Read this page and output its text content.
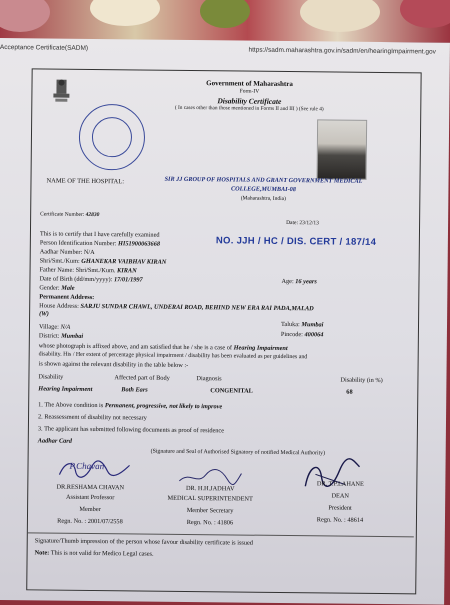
Acceptance Certificate(SADM)	https://sadm.maharashtra.gov.in/sadm/en/hearingImpairment.gov
Government of Maharashtra
Form-IV
Disability Certificate
( In cases other than those mentioned in Forms II and III ) (See rule 4)
NAME OF THE HOSPITAL:	SIR JJ GROUP OF HOSPITALS AND GRANT GOVERNMENT MEDICAL
COLLEGE,MUMBAI-08
(Maharashtra, India)
Certificate Number: 42830
Date: 23/12/13
This is to certify that I have carefully examined
Person Identification Number: HI51900063668	NO. JJH / HC / DIS. CERT / 187/14
Aadhar Number: N/A
Shri/Smt./Kum: GHANEKAR VAIBHAV KIRAN
Father Name: Shri/Smt./Kum. KIRAN
Date of Birth (dd/mm/yyyy): 17/01/1997	Age: 16 years
Gender: Male
Permanent Address:
House Address: SARJU SUNDAR CHAWL, UNDERAI ROAD, BEHIND NEW ERA RAI PADA,MALAD
(W)
Taluka: Mumbai
Village: N/A
Pincode: 400064
District: Mumbai
whose photograph is affixed above, and am satisfied that he / she is a case of Hearing Impairment
disability. His / Her extent of percentage physical impairment / disability has been evaluated as per guidelines and
is shown against the relevant disability in the table below :-
Disability	Affected part of Body	Diagnosis	Disability (in %)
Hearing Impairment	Both Ears	CONGENITAL	68
1. The Above condition is Permanent, progressive, not likely to improve
2. Reassessment of disability not necessary
3. The applicant has submitted following documents as proof of residence
Aadhar Card
(Signature and Seal of Authorised Signatory of notified Medical Authority)
P.Chavan
DR.RESHAMA CHAVAN
Assistant Professor
Member
Regn. No. : 2001/07/2558
DR. H.H.JADHAV
MEDICAL SUPERINTENDENT
Member Secretary
Regn. No. : 41806
DR. T.P.LAHANE
DEAN
President
Regn. No. : 48614
Signature/Thumb impression of the person whose favour disability certificate is issued
Note: This is not valid for Medico Legal cases.
